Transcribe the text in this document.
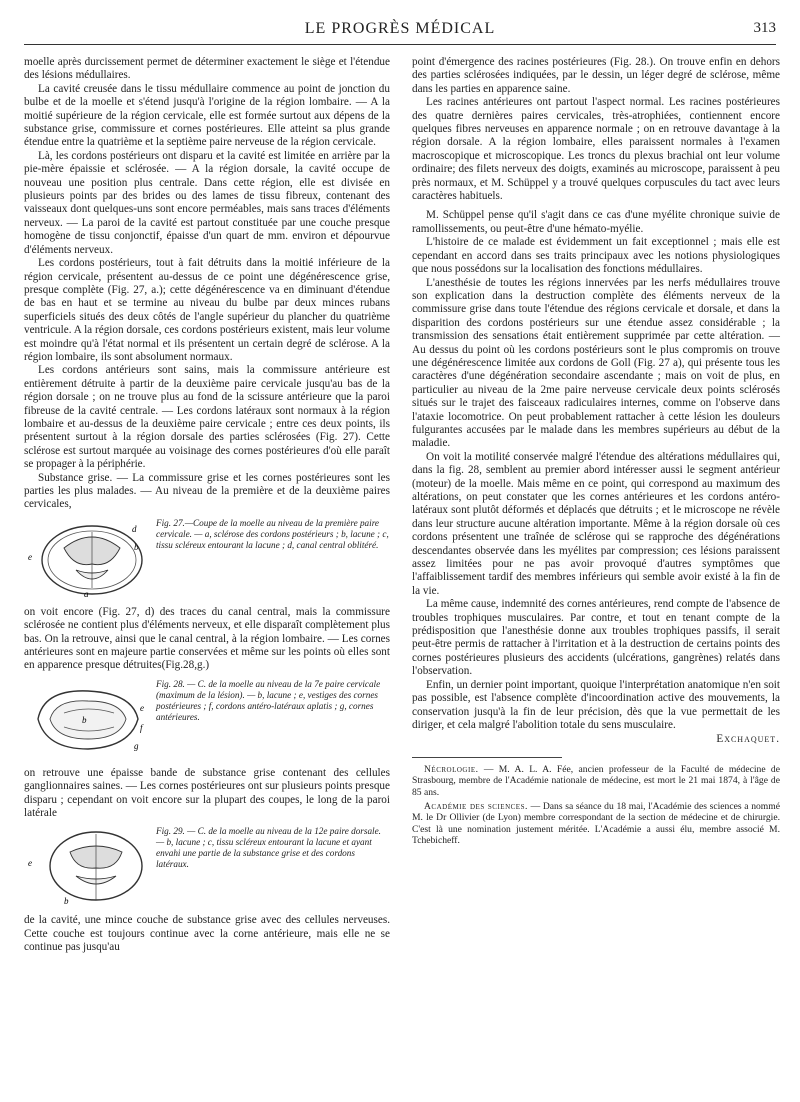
LE PROGRÈS MÉDICAL	313

moelle après durcissement permet de déterminer exactement le siège et l'étendue des lésions médullaires.

La cavité creusée dans le tissu médullaire commence au point de jonction du bulbe et de la moelle et s'étend jusqu'à l'origine de la région lombaire. — A la moitié supérieure de la région cervicale, elle est formée surtout aux dépens de la substance grise, commissure et cornes postérieures. Elle atteint sa plus grande étendue entre la quatrième et la septième paire nerveuse de la région cervicale.

Là, les cordons postérieurs ont disparu et la cavité est limitée en arrière par la pie-mère épaissie et sclérosée. — A la région dorsale, la cavité occupe de nouveau une position plus centrale. Dans cette région, elle est divisée en plusieurs points par des brides ou des lames de tissu fibreux, contenant des vaisseaux dont quelques-uns sont encore perméables, mais sans traces d'éléments nerveux. — La paroi de la cavité est partout constituée par une couche presque homogène de tissu conjonctif, épaisse d'un quart de mm. environ et dépourvue d'éléments nerveux.

Les cordons postérieurs, tout à fait détruits dans la moitié inférieure de la région cervicale, présentent au-dessus de ce point une dégénérescence grise, presque complète (Fig. 27, a.); cette dégénérescence va en diminuant d'étendue de bas en haut et se termine au niveau du bulbe par deux minces rubans superficiels situés des deux côtés de l'angle supérieur du plancher du quatrième ventricule. A la région dorsale, ces cordons postérieurs existent, mais leur volume est moindre qu'à l'état normal et ils présentent un certain degré de sclérose. A la région lombaire, ils sont absolument normaux.

Les cordons antérieurs sont sains, mais la commissure antérieure est entièrement détruite à partir de la deuxième paire cervicale jusqu'au bas de la région dorsale ; on ne trouve plus au fond de la scissure antérieure que la paroi fibreuse de la cavité centrale. — Les cordons latéraux sont normaux à la région lombaire et au-dessus de la deuxième paire cervicale ; entre ces deux points, ils présentent surtout à la région dorsale des parties sclérosées (Fig. 27). Cette sclérose est surtout marquée au voisinage des cornes postérieures d'où elle paraît se propager à la périphérie.

Substance grise. — La commissure grise et les cornes postérieures sont les parties les plus malades. — Au niveau de la première et de la deuxième paires cervicales,

d
e
b
a
Fig. 27.—Coupe de la moelle au niveau de la première paire cervicale. — a, sclérose des cordons postérieurs ; b, lacune ; c, tissu scléreux entourant la lacune ; d, canal central oblitéré.

on voit encore (Fig. 27, d) des traces du canal central, mais la commissure sclérosée ne contient plus d'éléments nerveux, et elle disparaît complètement plus bas. On la retrouve, ainsi que le canal central, à la région lombaire. — Les cornes antérieures sont en majeure partie conservées et même sur les points où elles sont en apparence presque détruites(Fig.28,g.)

e
b
f
g
Fig. 28. — C. de la moelle au niveau de la 7e paire cervicale (maximum de la lésion). — b, lacune ; e, vestiges des cornes postérieures ; f, cordons antéro-latéraux aplatis ; g, cornes antérieures.

on retrouve une épaisse bande de substance grise contenant des cellules ganglionnaires saines. — Les cornes postérieures ont sur plusieurs points presque disparu ; cependant on voit encore sur la plupart des coupes, le long de la paroi latérale

e
b
Fig. 29. — C. de la moelle au niveau de la 12e paire dorsale. — b, lacune ; c, tissu scléreux entourant la lacune et ayant envahi une partie de la substance grise et des cordons latéraux.

de la cavité, une mince couche de substance grise avec des cellules nerveuses. Cette couche est toujours continue avec la corne antérieure, mais elle ne se continue pas jusqu'au

point d'émergence des racines postérieures (Fig. 28.). On trouve enfin en dehors des parties sclérosées indiquées, par le dessin, un léger degré de sclérose, même dans les parties en apparence saine.

Les racines antérieures ont partout l'aspect normal. Les racines postérieures des quatre dernières paires cervicales, très-atrophiées, contiennent encore quelques fibres nerveuses en apparence normale ; on en retrouve davantage à la région dorsale. A la région lombaire, elles paraissent normales à l'examen macroscopique et microscopique. Les troncs du plexus brachial ont leur volume ordinaire; des filets nerveux des doigts, examinés au microscope, paraissent à peu près normaux, et M. Schüppel y a trouvé quelques corpuscules du tact avec leurs caractères habituels.

M. Schüppel pense qu'il s'agit dans ce cas d'une myélite chronique suivie de ramollissements, ou peut-être d'une hémato-myélie.

L'histoire de ce malade est évidemment un fait exceptionnel ; mais elle est cependant en accord dans ses traits principaux avec les notions physiologiques que nous possédons sur la localisation des fonctions médullaires.

L'anesthésie de toutes les régions innervées par les nerfs médullaires trouve son explication dans la destruction complète des éléments nerveux de la commissure grise dans toute l'étendue des régions cervicale et dorsale, et dans la disparition des cordons postérieurs sur une étendue assez considérable ; la transmission des sensations était entièrement supprimée par cette altération. — Au dessus du point où les cordons postérieurs sont le plus compromis on trouve une dégénérescence limitée aux cordons de Goll (Fig. 27 a), qui présente tous les caractères d'une dégénération secondaire ascendante ; mais on voit de plus, en particulier au niveau de la 2me paire nerveuse cervicale deux points sclérosés situés sur le trajet des faisceaux radiculaires internes, comme on l'observe dans l'ataxie locomotrice. On peut probablement rattacher à cette lésion les douleurs fulgurantes accusées par le malade dans les membres supérieurs au début de la maladie.

On voit la motilité conservée malgré l'étendue des altérations médullaires qui, dans la fig. 28, semblent au premier abord intéresser aussi le segment antérieur (moteur) de la moelle. Mais même en ce point, qui correspond au maximum des altérations, on peut constater que les cornes antérieures et les cordons antéro-latéraux sont plutôt déformés et déplacés que détruits ; et le microscope ne révèle dans leur structure aucune altération importante. Même à la région dorsale où ces cordons présentent une traînée de sclérose qui se rapproche des dégénérations descendantes observée dans les myélites par compression; ces lésions paraissent assez limitées pour ne pas avoir provoqué d'autres symptômes que l'affaiblissement tardif des membres inférieurs qui semble avoir existé à la fin de la vie.

La même cause, indemnité des cornes antérieures, rend compte de l'absence de troubles trophiques musculaires. Par contre, et tout en tenant compte de la prédisposition que l'anesthésie donne aux troubles trophiques passifs, il serait peut-être permis de rattacher à l'irritation et à la destruction de certains points des cornes postérieures plusieurs des accidents (ulcérations, gangrènes) relatés dans l'observation.

Enfin, un dernier point important, quoique l'interprétation anatomique n'en soit pas possible, est l'absence complète d'incoordination active des mouvements, la conservation jusqu'à la fin de leur précision, dès que la vue permettait de les diriger, et cela malgré l'abolition totale du sens musculaire.

Exchaquet.

Nécrologie. — M. A. L. A. Fée, ancien professeur de la Faculté de médecine de Strasbourg, membre de l'Académie nationale de médecine, est mort le 21 mai 1874, à l'âge de 85 ans.

Académie des sciences. — Dans sa séance du 18 mai, l'Académie des sciences a nommé M. le Dr Ollivier (de Lyon) membre correspondant de la section de médecine et de chirurgie. C'est là une nomination justement méritée. L'Académie a aussi élu, membre associé M. Tchebicheff.
